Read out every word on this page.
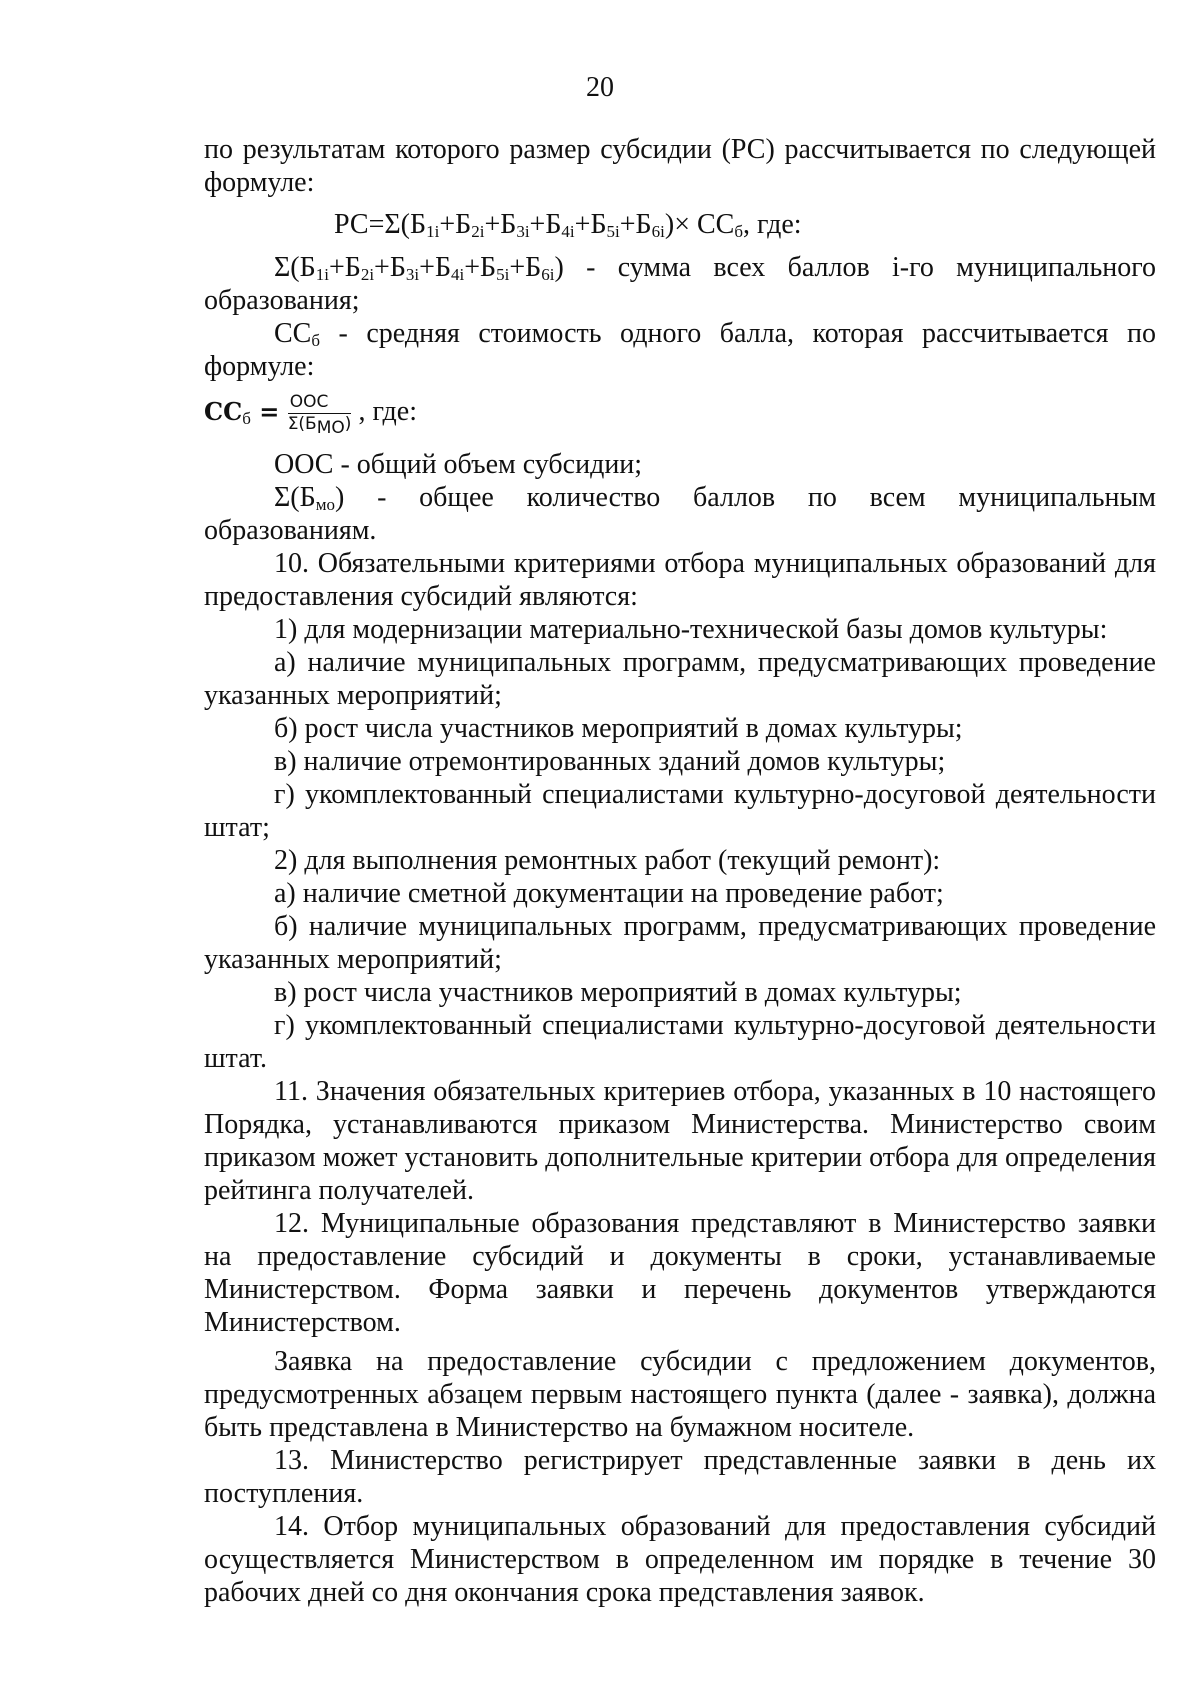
20

по результатам которого размер субсидии (РС) рассчитывается по следующей формуле:

$РС=\Sigma(Б_{1i}+Б_{2i}+Б_{3i}+Б_{4i}+Б_{5i}+Б_{6i})\times СС_б$, где:

$\Sigma(Б_{1i}+Б_{2i}+Б_{3i}+Б_{4i}+Б_{5i}+Б_{6i})$ - сумма всех баллов i-го муниципального

образования;

$СС_б$ - средняя стоимость одного балла, которая рассчитывается по формуле:

$СС_б = \frac{\text{ООС}}{\Sigma(Б_{МО})}$ , где:

ООС - общий объем субсидии;

$\Sigma(Б_{мо})$ - общее количество баллов по всем муниципальным

образованиям.

10. Обязательными критериями отбора муниципальных образований для предоставления субсидий являются:

1) для модернизации материально-технической базы домов культуры:

а) наличие муниципальных программ, предусматривающих проведение указанных мероприятий;

б) рост числа участников мероприятий в домах культуры;

в) наличие отремонтированных зданий домов культуры;

г) укомплектованный специалистами культурно-досуговой деятельности штат;

2) для выполнения ремонтных работ (текущий ремонт):

а) наличие сметной документации на проведение работ;

б) наличие муниципальных программ, предусматривающих проведение указанных мероприятий;

в) рост числа участников мероприятий в домах культуры;

г) укомплектованный специалистами культурно-досуговой деятельности штат.

11. Значения обязательных критериев отбора, указанных в 10 настоящего Порядка, устанавливаются приказом Министерства. Министерство своим приказом может установить дополнительные критерии отбора для определения рейтинга получателей.

12. Муниципальные образования представляют в Министерство заявки на предоставление субсидий и документы в сроки, устанавливаемые Министерством. Форма заявки и перечень документов утверждаются Министерством.

Заявка на предоставление субсидии с предложением документов, предусмотренных абзацем первым настоящего пункта (далее - заявка), должна быть представлена в Министерство на бумажном носителе.

13. Министерство регистрирует представленные заявки в день их поступления.

14. Отбор муниципальных образований для предоставления субсидий осуществляется Министерством в определенном им порядке в течение 30 рабочих дней со дня окончания срока представления заявок.
